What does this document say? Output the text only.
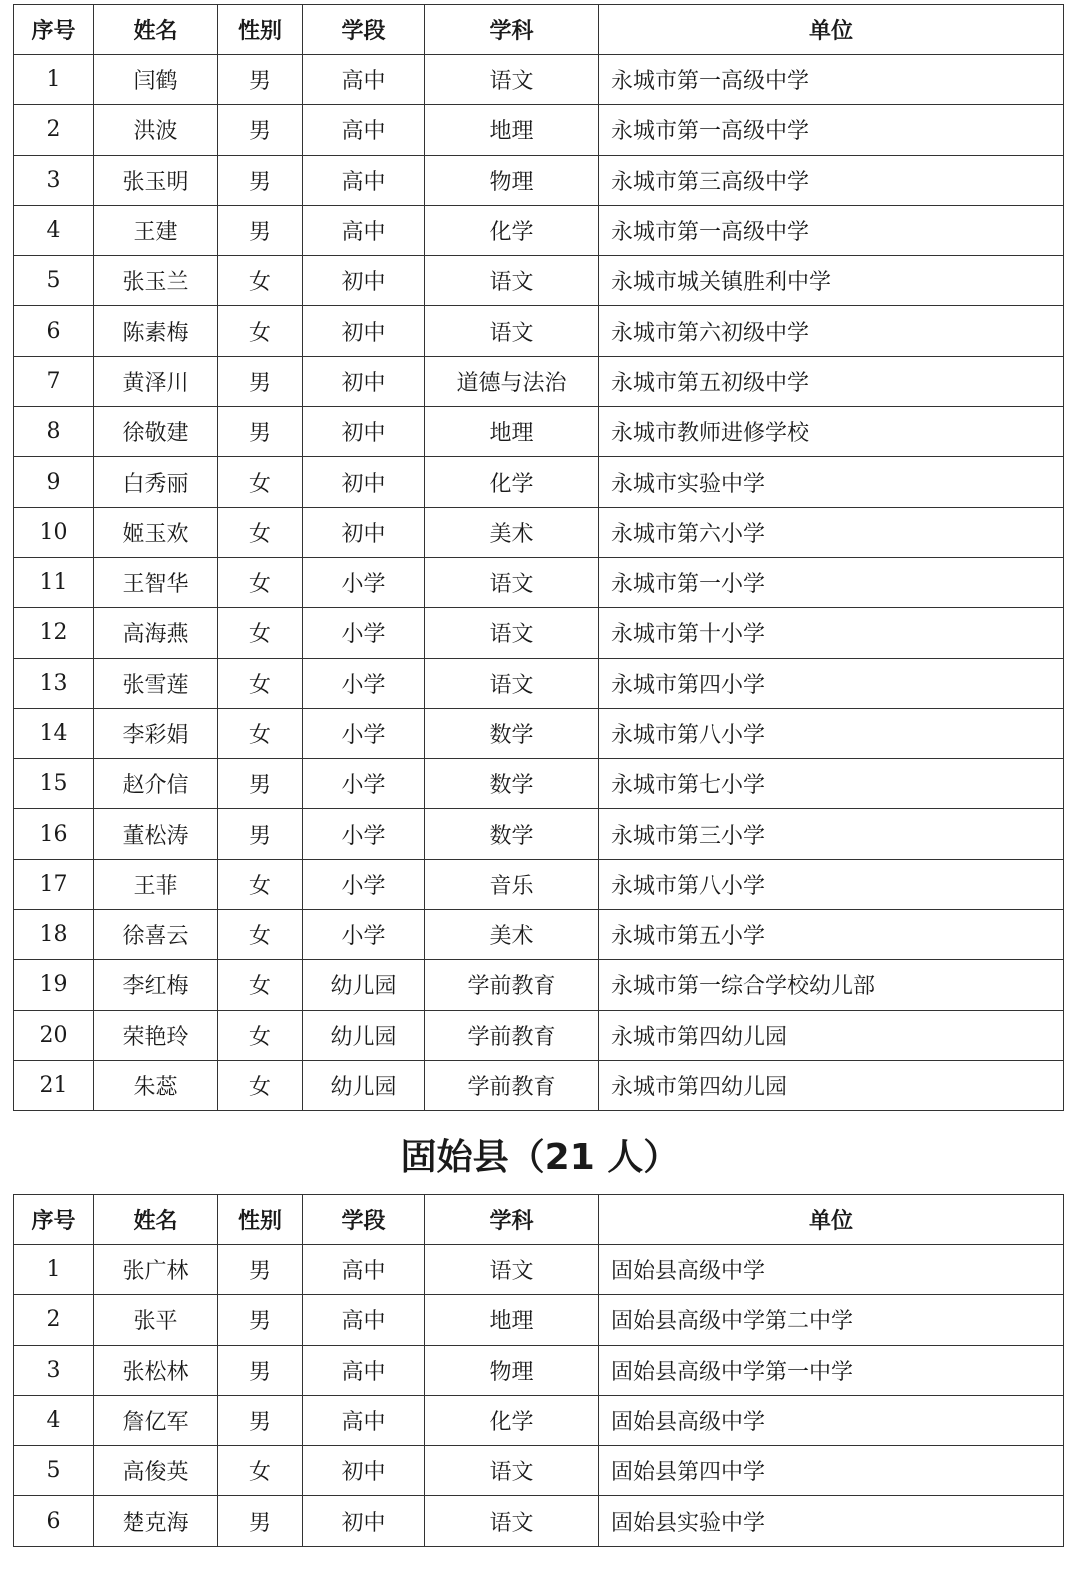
序号	姓名	性别	学段	学科	单位
1	闫鹤	男	高中	语文	永城市第一高级中学
2	洪波	男	高中	地理	永城市第一高级中学
3	张玉明	男	高中	物理	永城市第三高级中学
4	王建	男	高中	化学	永城市第一高级中学
5	张玉兰	女	初中	语文	永城市城关镇胜利中学
6	陈素梅	女	初中	语文	永城市第六初级中学
7	黄泽川	男	初中	道德与法治	永城市第五初级中学
8	徐敬建	男	初中	地理	永城市教师进修学校
9	白秀丽	女	初中	化学	永城市实验中学
10	姬玉欢	女	初中	美术	永城市第六小学
11	王智华	女	小学	语文	永城市第一小学
12	高海燕	女	小学	语文	永城市第十小学
13	张雪莲	女	小学	语文	永城市第四小学
14	李彩娟	女	小学	数学	永城市第八小学
15	赵介信	男	小学	数学	永城市第七小学
16	董松涛	男	小学	数学	永城市第三小学
17	王菲	女	小学	音乐	永城市第八小学
18	徐喜云	女	小学	美术	永城市第五小学
19	李红梅	女	幼儿园	学前教育	永城市第一综合学校幼儿部
20	荣艳玲	女	幼儿园	学前教育	永城市第四幼儿园
21	朱蕊	女	幼儿园	学前教育	永城市第四幼儿园
固始县（21 人）
序号	姓名	性别	学段	学科	单位
1	张广林	男	高中	语文	固始县高级中学
2	张平	男	高中	地理	固始县高级中学第二中学
3	张松林	男	高中	物理	固始县高级中学第一中学
4	詹亿军	男	高中	化学	固始县高级中学
5	高俊英	女	初中	语文	固始县第四中学
6	楚克海	男	初中	语文	固始县实验中学
